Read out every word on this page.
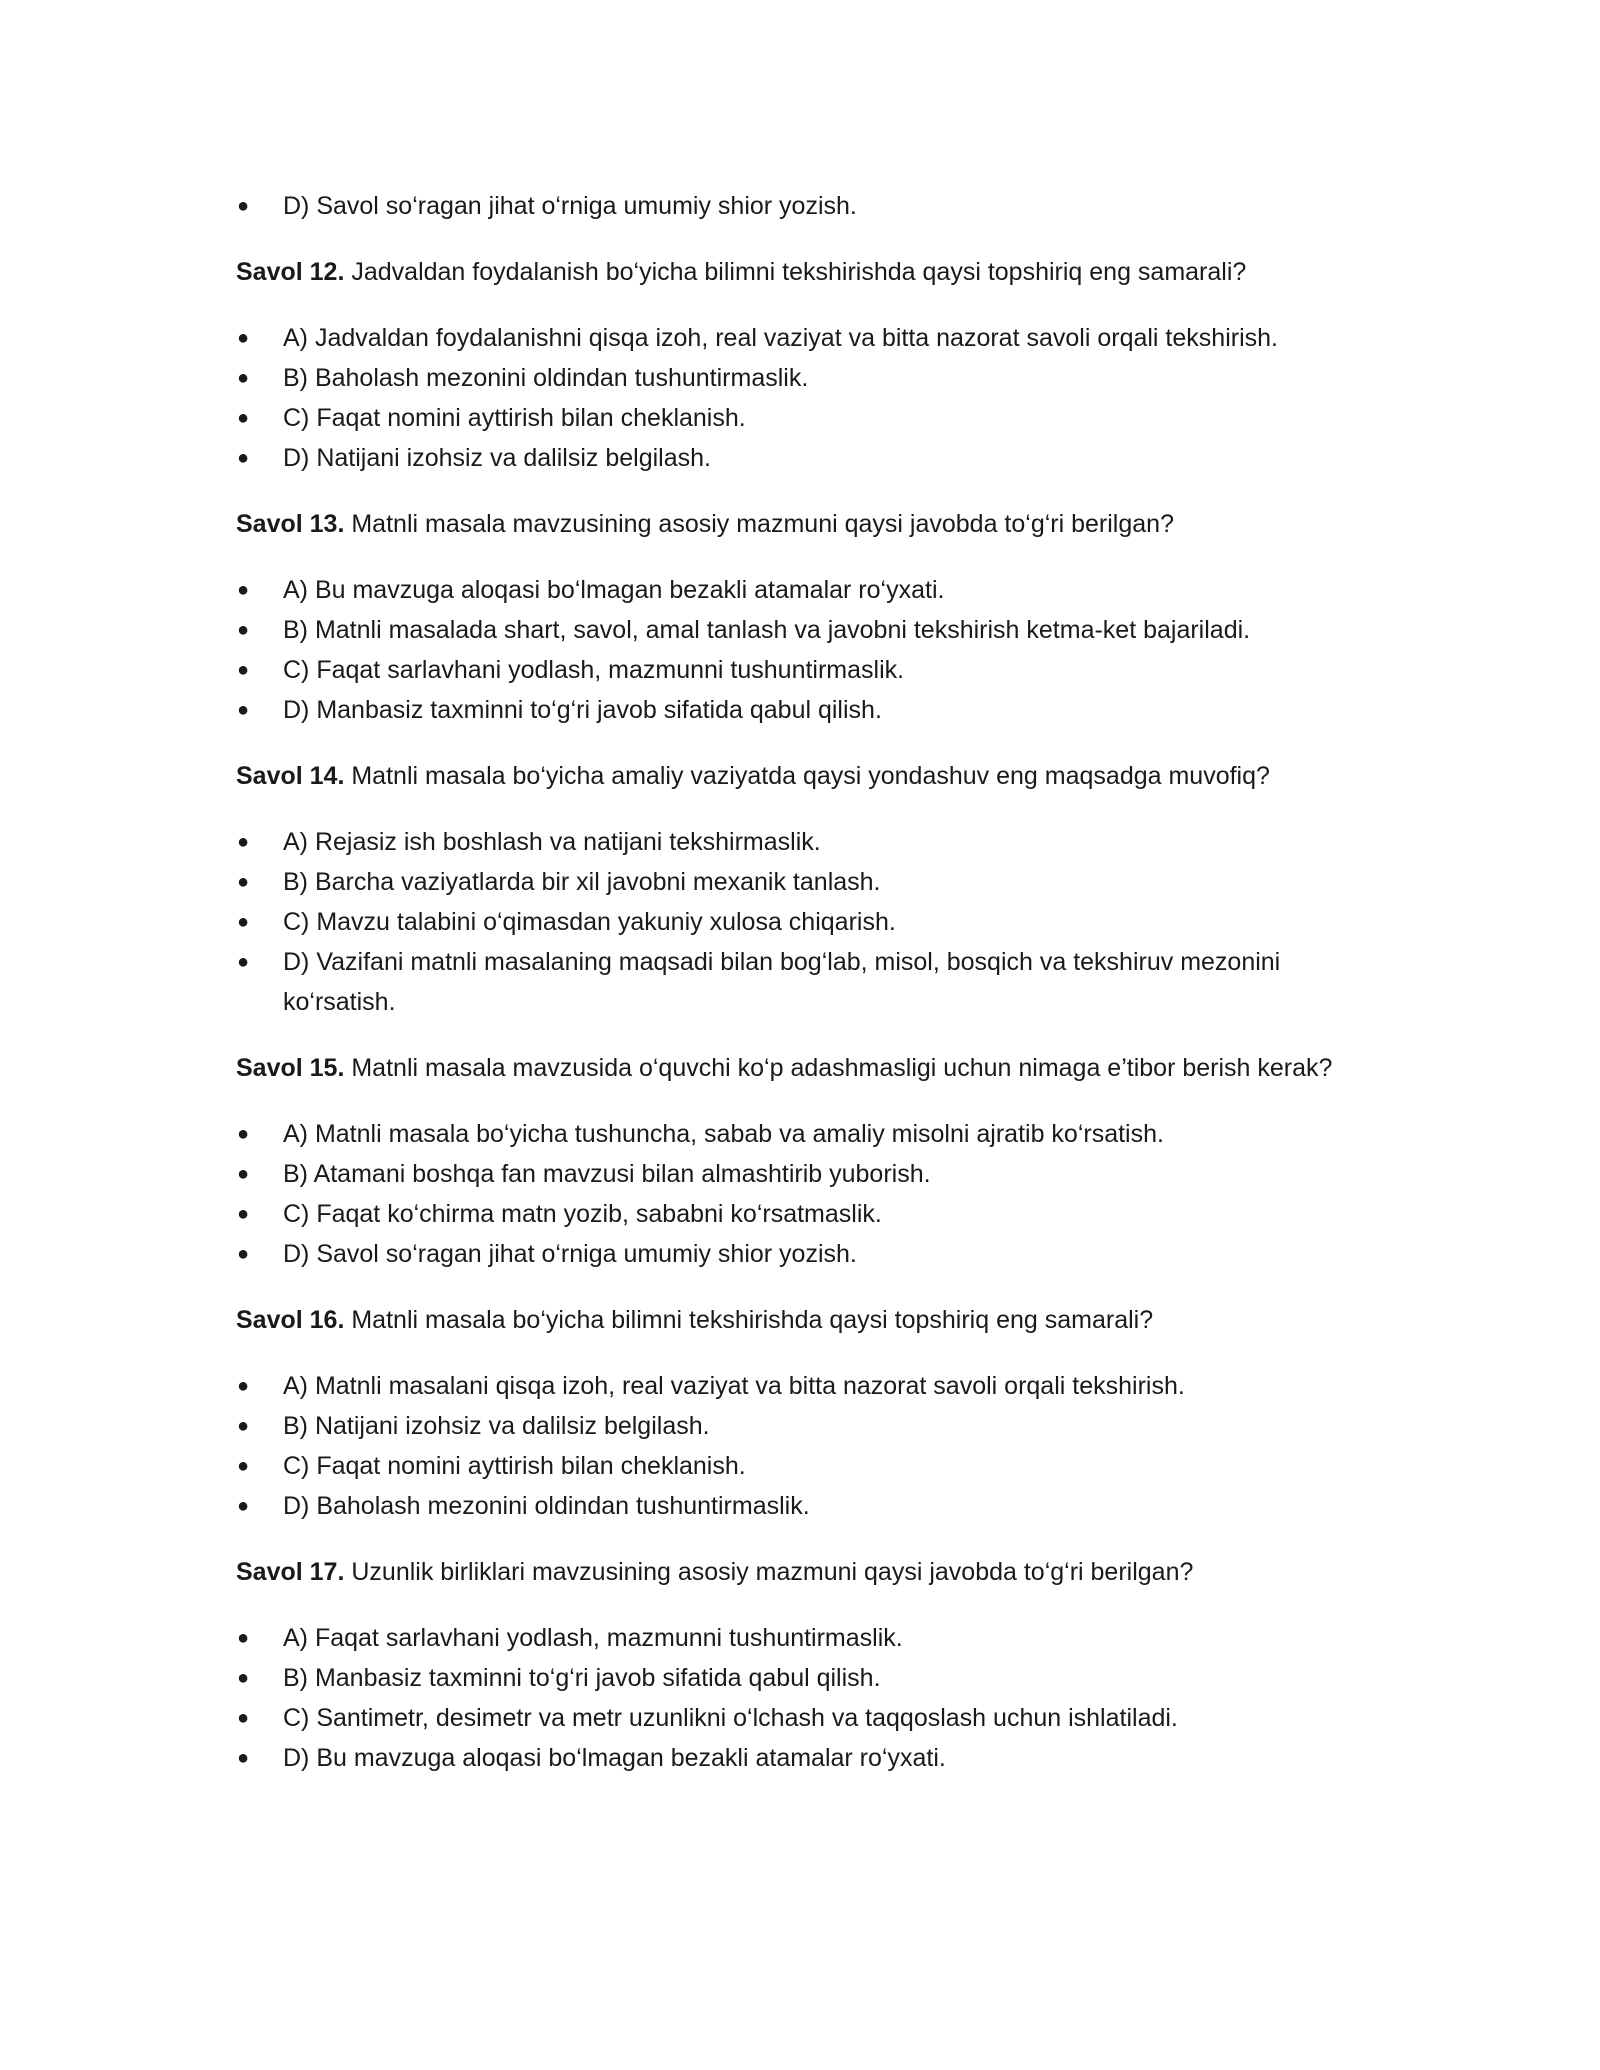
● D) Savol so‘ragan jihat o‘rniga umumiy shior yozish.
Savol 12. Jadvaldan foydalanish bo‘yicha bilimni tekshirishda qaysi topshiriq eng samarali?
● A) Jadvaldan foydalanishni qisqa izoh, real vaziyat va bitta nazorat savoli orqali tekshirish.
● B) Baholash mezonini oldindan tushuntirmaslik.
● C) Faqat nomini ayttirish bilan cheklanish.
● D) Natijani izohsiz va dalilsiz belgilash.
Savol 13. Matnli masala mavzusining asosiy mazmuni qaysi javobda to‘g‘ri berilgan?
● A) Bu mavzuga aloqasi bo‘lmagan bezakli atamalar ro‘yxati.
● B) Matnli masalada shart, savol, amal tanlash va javobni tekshirish ketma-ket bajariladi.
● C) Faqat sarlavhani yodlash, mazmunni tushuntirmaslik.
● D) Manbasiz taxminni to‘g‘ri javob sifatida qabul qilish.
Savol 14. Matnli masala bo‘yicha amaliy vaziyatda qaysi yondashuv eng maqsadga muvofiq?
● A) Rejasiz ish boshlash va natijani tekshirmaslik.
● B) Barcha vaziyatlarda bir xil javobni mexanik tanlash.
● C) Mavzu talabini o‘qimasdan yakuniy xulosa chiqarish.
● D) Vazifani matnli masalaning maqsadi bilan bog‘lab, misol, bosqich va tekshiruv mezonini ko‘rsatish.
Savol 15. Matnli masala mavzusida o‘quvchi ko‘p adashmasligi uchun nimaga e’tibor berish kerak?
● A) Matnli masala bo‘yicha tushuncha, sabab va amaliy misolni ajratib ko‘rsatish.
● B) Atamani boshqa fan mavzusi bilan almashtirib yuborish.
● C) Faqat ko‘chirma matn yozib, sababni ko‘rsatmaslik.
● D) Savol so‘ragan jihat o‘rniga umumiy shior yozish.
Savol 16. Matnli masala bo‘yicha bilimni tekshirishda qaysi topshiriq eng samarali?
● A) Matnli masalani qisqa izoh, real vaziyat va bitta nazorat savoli orqali tekshirish.
● B) Natijani izohsiz va dalilsiz belgilash.
● C) Faqat nomini ayttirish bilan cheklanish.
● D) Baholash mezonini oldindan tushuntirmaslik.
Savol 17. Uzunlik birliklari mavzusining asosiy mazmuni qaysi javobda to‘g‘ri berilgan?
● A) Faqat sarlavhani yodlash, mazmunni tushuntirmaslik.
● B) Manbasiz taxminni to‘g‘ri javob sifatida qabul qilish.
● C) Santimetr, desimetr va metr uzunlikni o‘lchash va taqqoslash uchun ishlatiladi.
● D) Bu mavzuga aloqasi bo‘lmagan bezakli atamalar ro‘yxati.
